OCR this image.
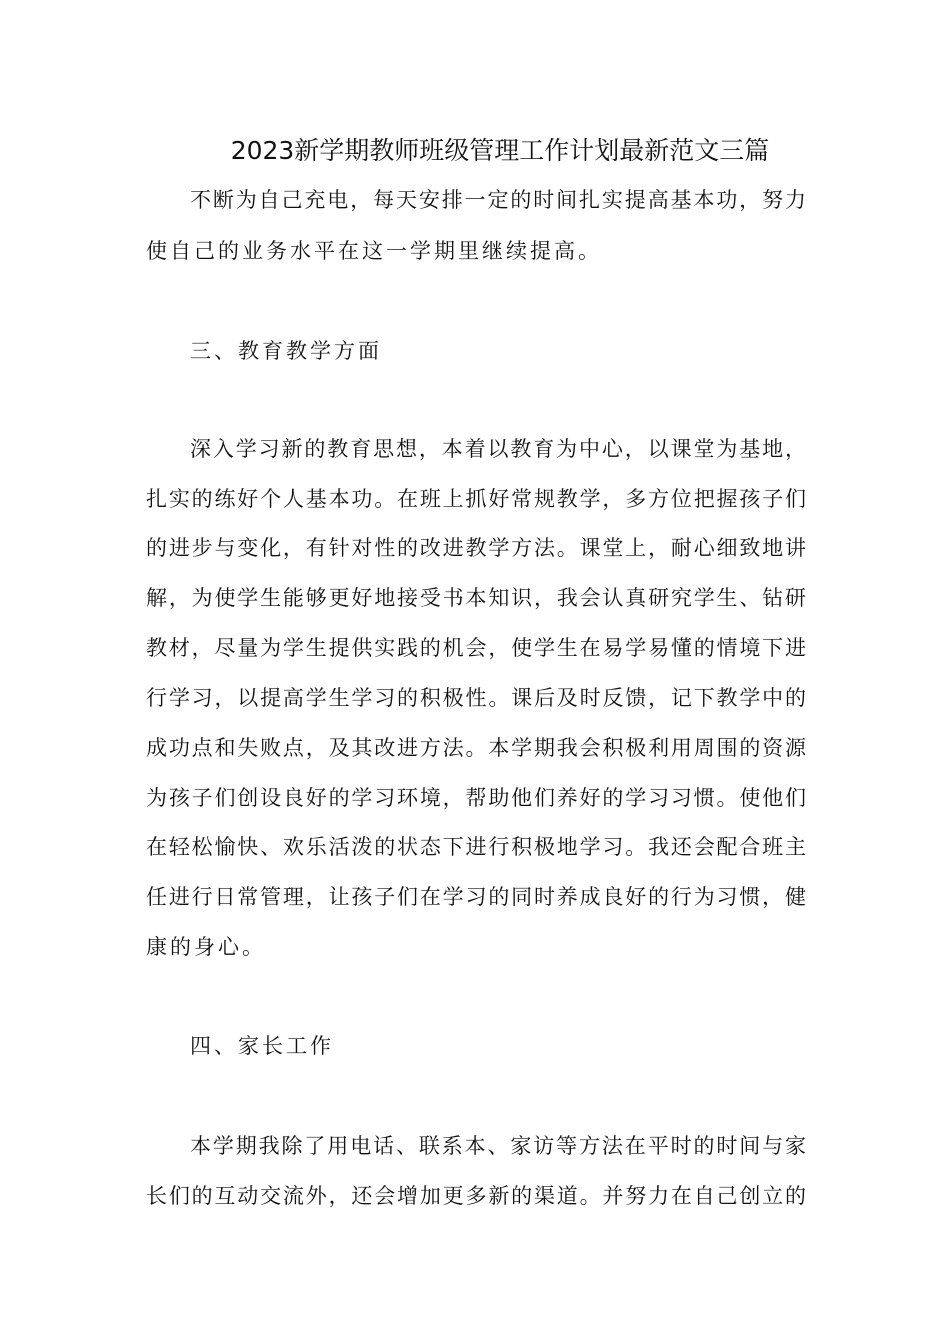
2023新学期教师班级管理工作计划最新范文三篇
不断为自己充电，每天安排一定的时间扎实提高基本功，努力
使自己的业务水平在这一学期里继续提高。
三、教育教学方面
深入学习新的教育思想，本着以教育为中心，以课堂为基地，
扎实的练好个人基本功。在班上抓好常规教学，多方位把握孩子们
的进步与变化，有针对性的改进教学方法。课堂上，耐心细致地讲
解，为使学生能够更好地接受书本知识，我会认真研究学生、钻研
教材，尽量为学生提供实践的机会，使学生在易学易懂的情境下进
行学习，以提高学生学习的积极性。课后及时反馈，记下教学中的
成功点和失败点，及其改进方法。本学期我会积极利用周围的资源
为孩子们创设良好的学习环境，帮助他们养好的学习习惯。使他们
在轻松愉快、欢乐活泼的状态下进行积极地学习。我还会配合班主
任进行日常管理，让孩子们在学习的同时养成良好的行为习惯，健
康的身心。
四、家长工作
本学期我除了用电话、联系本、家访等方法在平时的时间与家
长们的互动交流外，还会增加更多新的渠道。并努力在自己创立的
